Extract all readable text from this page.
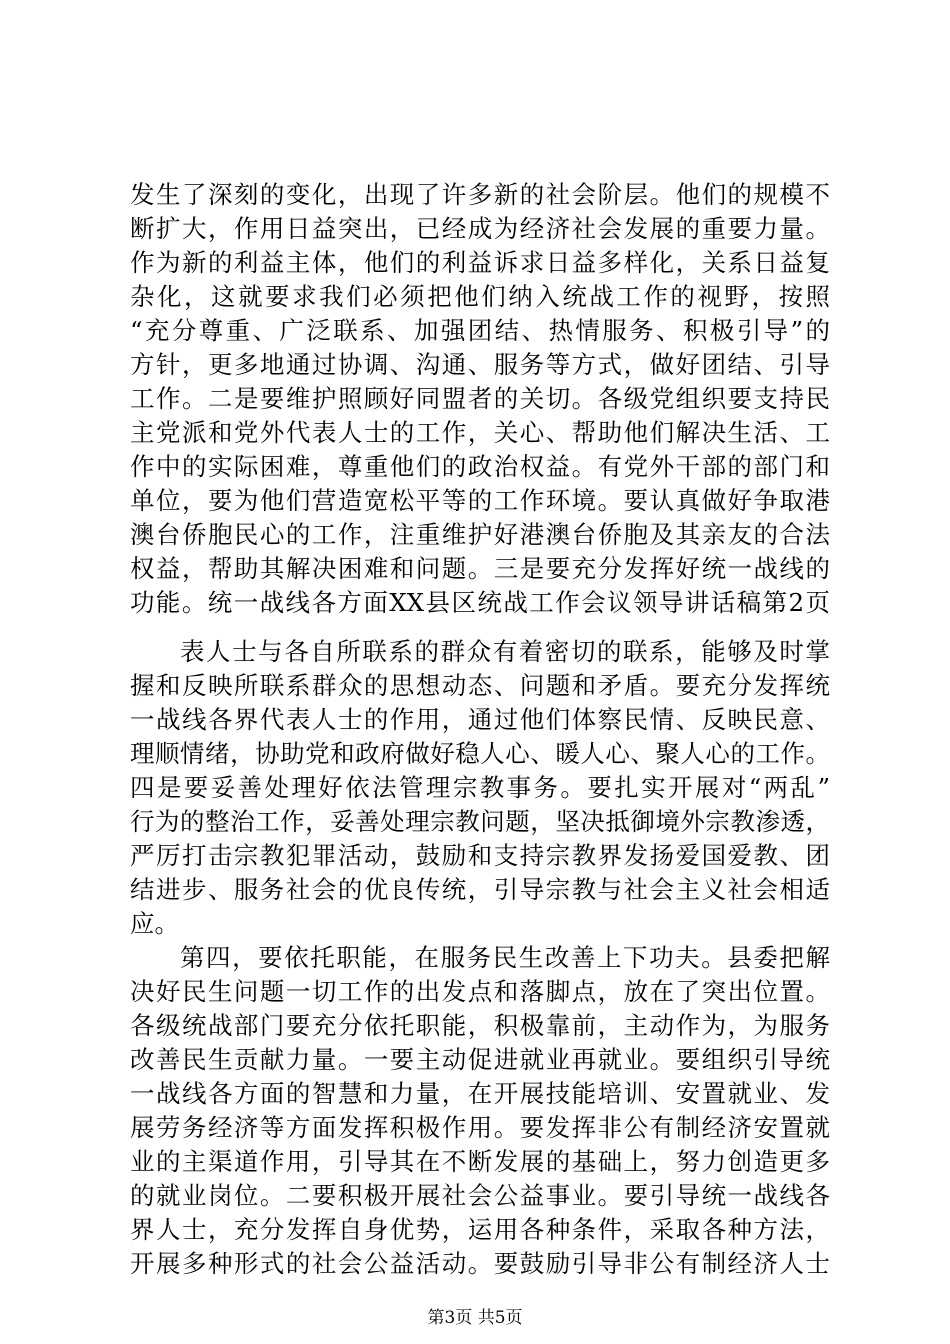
发生了深刻的变化，出现了许多新的社会阶层。他们的规模不
断扩大，作用日益突出，已经成为经济社会发展的重要力量。
作为新的利益主体，他们的利益诉求日益多样化，关系日益复
杂化，这就要求我们必须把他们纳入统战工作的视野，按照
“充分尊重、广泛联系、加强团结、热情服务、积极引导”的
方针，更多地通过协调、沟通、服务等方式，做好团结、引导
工作。二是要维护照顾好同盟者的关切。各级党组织要支持民
主党派和党外代表人士的工作，关心、帮助他们解决生活、工
作中的实际困难，尊重他们的政治权益。有党外干部的部门和
单位，要为他们营造宽松平等的工作环境。要认真做好争取港
澳台侨胞民心的工作，注重维护好港澳台侨胞及其亲友的合法
权益，帮助其解决困难和问题。三是要充分发挥好统一战线的
功能。统一战线各方面XX县区统战工作会议领导讲话稿第2页
表人士与各自所联系的群众有着密切的联系，能够及时掌
握和反映所联系群众的思想动态、问题和矛盾。要充分发挥统
一战线各界代表人士的作用，通过他们体察民情、反映民意、
理顺情绪，协助党和政府做好稳人心、暖人心、聚人心的工作。
四是要妥善处理好依法管理宗教事务。要扎实开展对“两乱”
行为的整治工作，妥善处理宗教问题，坚决抵御境外宗教渗透，
严厉打击宗教犯罪活动，鼓励和支持宗教界发扬爱国爱教、团
结进步、服务社会的优良传统，引导宗教与社会主义社会相适
应。
第四，要依托职能，在服务民生改善上下功夫。县委把解
决好民生问题一切工作的出发点和落脚点，放在了突出位置。
各级统战部门要充分依托职能，积极靠前，主动作为，为服务
改善民生贡献力量。一要主动促进就业再就业。要组织引导统
一战线各方面的智慧和力量，在开展技能培训、安置就业、发
展劳务经济等方面发挥积极作用。要发挥非公有制经济安置就
业的主渠道作用，引导其在不断发展的基础上，努力创造更多
的就业岗位。二要积极开展社会公益事业。要引导统一战线各
界人士，充分发挥自身优势，运用各种条件，采取各种方法，
开展多种形式的社会公益活动。要鼓励引导非公有制经济人士
第3页 共5页
